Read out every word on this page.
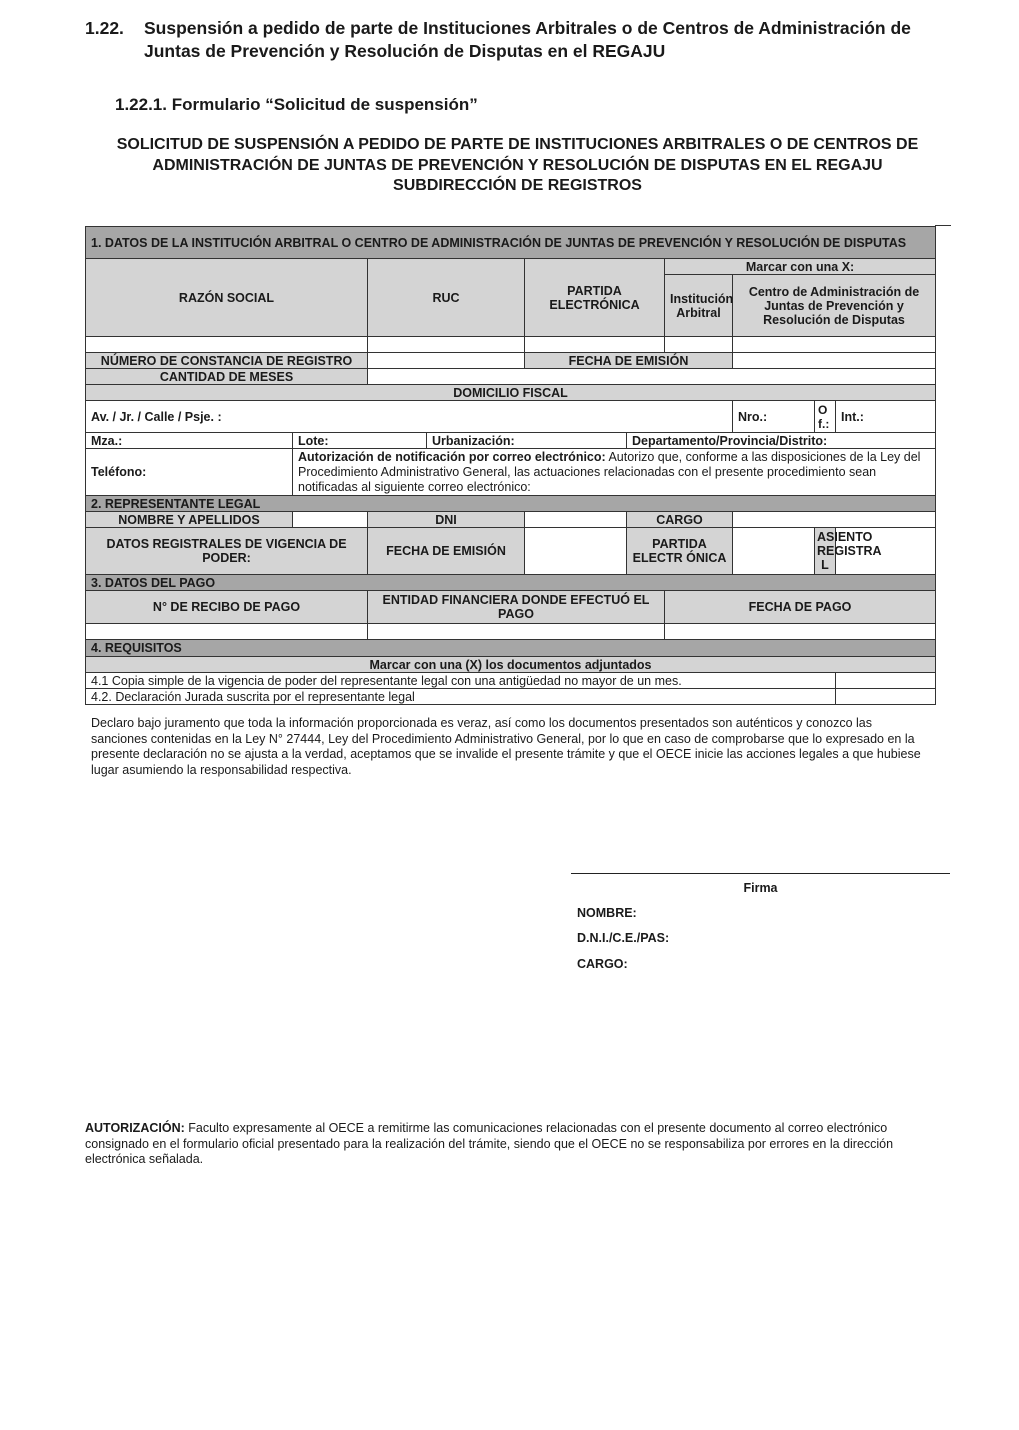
1.22. Suspensión a pedido de parte de Instituciones Arbitrales o de Centros de Administración de Juntas de Prevención y Resolución de Disputas en el REGAJU
1.22.1. Formulario “Solicitud de suspensión”
SOLICITUD DE SUSPENSIÓN A PEDIDO DE PARTE DE INSTITUCIONES ARBITRALES O DE CENTROS DE
ADMINISTRACIÓN DE JUNTAS DE PREVENCIÓN Y RESOLUCIÓN DE DISPUTAS EN EL REGAJU
SUBDIRECCIÓN DE REGISTROS
1. DATOS DE LA INSTITUCIÓN ARBITRAL O CENTRO DE ADMINISTRACIÓN DE JUNTAS DE PREVENCIÓN Y RESOLUCIÓN DE DISPUTAS									
RAZÓN SOCIAL		RUC		PARTIDA ELECTRÓNICA		Marcar con una X:			
						Institución Arbitral	Centro de Administración de Juntas de Prevención y Resolución de Disputas		

NÚMERO DE CONSTANCIA DE REGISTRO				FECHA DE EMISIÓN					
CANTIDAD DE MESES									
DOMICILIO FISCAL									
Av. / Jr. / Calle / Psje. :							Nro.:	O f.:	Int.:
Mza.:	Lote:		Urbanización:		Departamento/Provincia/Distrito:				
Teléfono:	Autorización de notificación por correo electrónico: Autorizo que, conforme a las disposiciones de la Ley del Procedimiento Administrativo General, las actuaciones relacionadas con el presente procedimiento sean notificadas al siguiente correo electrónico:								
2. REPRESENTANTE LEGAL									
NOMBRE Y APELLIDOS		DNI			CARGO				
DATOS REGISTRALES DE VIGENCIA DE PODER:		FECHA DE EMISIÓN			PARTIDA ELECTR ÓNICA			ASIENTO REGISTRA L	
3. DATOS DEL PAGO									
N° DE RECIBO DE PAGO		ENTIDAD FINANCIERA DONDE EFECTUÓ EL PAGO				FECHA DE PAGO			

4. REQUISITOS									
Marcar con una (X) los documentos adjuntados									
4.1 Copia simple de la vigencia de poder del representante legal con una antigüedad no mayor de un mes.									
4.2. Declaración Jurada suscrita por el representante legal									
Declaro bajo juramento que toda la información proporcionada es veraz, así como los documentos presentados son auténticos y conozco las sanciones contenidas en la Ley N° 27444, Ley del Procedimiento Administrativo General, por lo que en caso de comprobarse que lo expresado en la presente declaración no se ajusta a la verdad, aceptamos que se invalide el presente trámite y que el OECE inicie las acciones legales a que hubiese lugar asumiendo la responsabilidad respectiva.
Firma
NOMBRE:
D.N.I./C.E./PAS:
CARGO:
AUTORIZACIÓN: Faculto expresamente al OECE a remitirme las comunicaciones relacionadas con el presente documento al correo electrónico consignado en el formulario oficial presentado para la realización del trámite, siendo que el OECE no se responsabiliza por errores en la dirección electrónica señalada.
